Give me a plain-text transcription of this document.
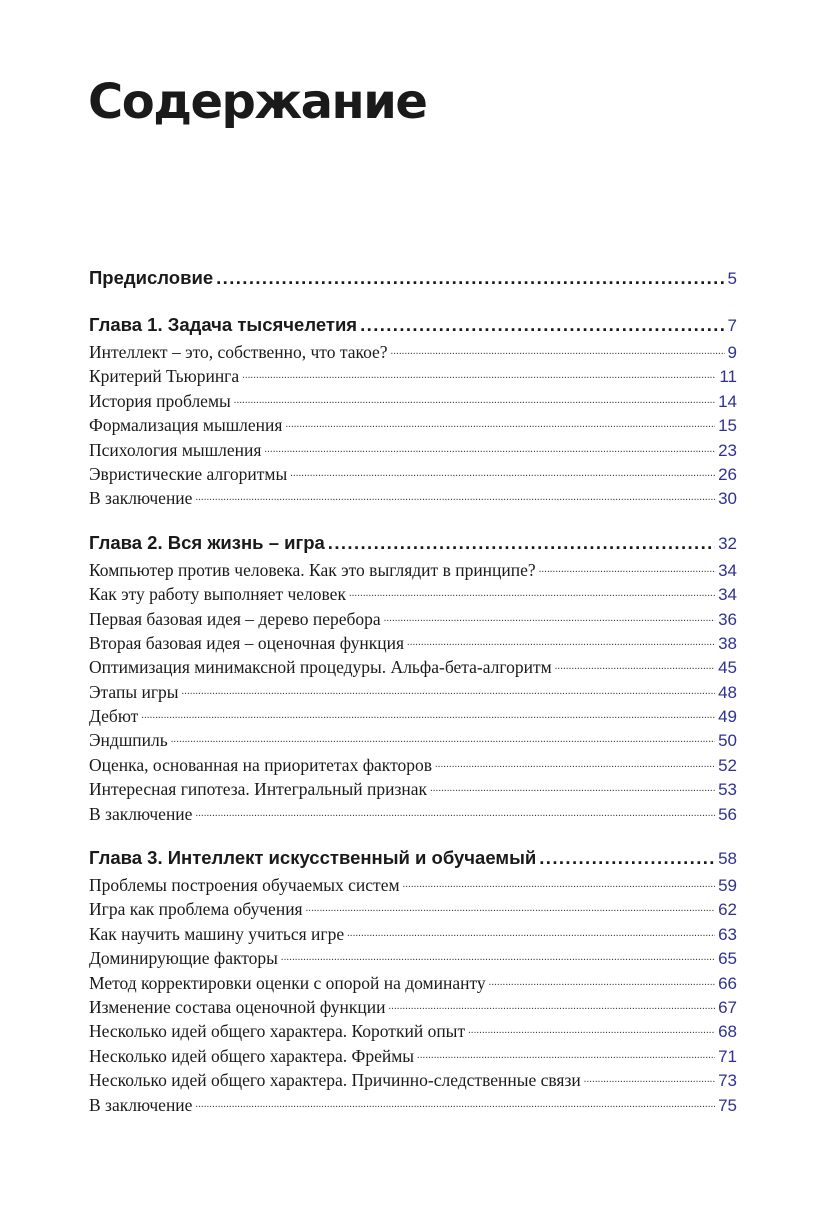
Содержание
Предисловие .....	5
Глава 1. Задача тысячелетия .....	7
Интеллект – это, собственно, что такое? .....	9
Критерий Тьюринга .....	11
История проблемы .....	14
Формализация мышления .....	15
Психология мышления .....	23
Эвристические алгоритмы .....	26
В заключение .....	30
Глава 2. Вся жизнь – игра .....	32
Компьютер против человека. Как это выглядит в принципе? .....	34
Как эту работу выполняет человек .....	34
Первая базовая идея – дерево перебора .....	36
Вторая базовая идея – оценочная функция .....	38
Оптимизация минимаксной процедуры. Альфа-бета-алгоритм .....	45
Этапы игры .....	48
Дебют .....	49
Эндшпиль .....	50
Оценка, основанная на приоритетах факторов .....	52
Интересная гипотеза. Интегральный признак .....	53
В заключение .....	56
Глава 3. Интеллект искусственный и обучаемый .....	58
Проблемы построения обучаемых систем .....	59
Игра как проблема обучения .....	62
Как научить машину учиться игре .....	63
Доминирующие факторы .....	65
Метод корректировки оценки с опорой на доминанту .....	66
Изменение состава оценочной функции .....	67
Несколько идей общего характера. Короткий опыт .....	68
Несколько идей общего характера. Фреймы .....	71
Несколько идей общего характера. Причинно-следственные связи .....	73
В заключение .....	75
